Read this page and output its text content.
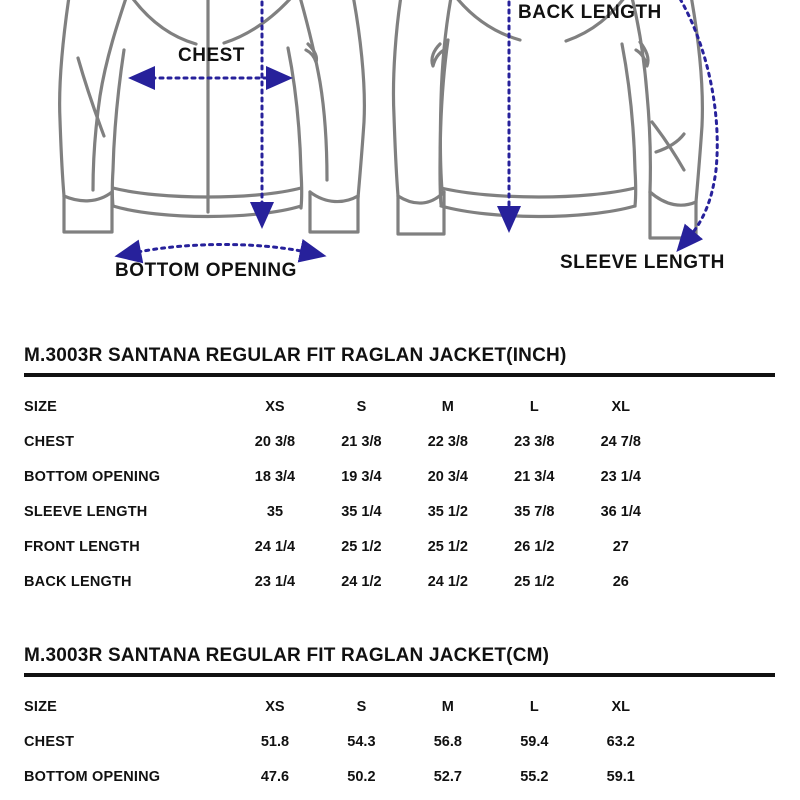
CHEST
BOTTOM OPENING
BACK LENGTH
SLEEVE LENGTH
M.3003R SANTANA REGULAR FIT RAGLAN JACKET(INCH)
SIZE	XS	S	M	L	XL
CHEST	20 3/8	21 3/8	22 3/8	23 3/8	24 7/8
BOTTOM OPENING	18 3/4	19 3/4	20 3/4	21 3/4	23 1/4
SLEEVE LENGTH	35	35 1/4	35 1/2	35 7/8	36 1/4
FRONT LENGTH	24 1/4	25 1/2	25 1/2	26 1/2	27
BACK LENGTH	23 1/4	24 1/2	24 1/2	25 1/2	26
M.3003R SANTANA REGULAR FIT RAGLAN JACKET(CM)
SIZE	XS	S	M	L	XL
CHEST	51.8	54.3	56.8	59.4	63.2
BOTTOM OPENING	47.6	50.2	52.7	55.2	59.1
